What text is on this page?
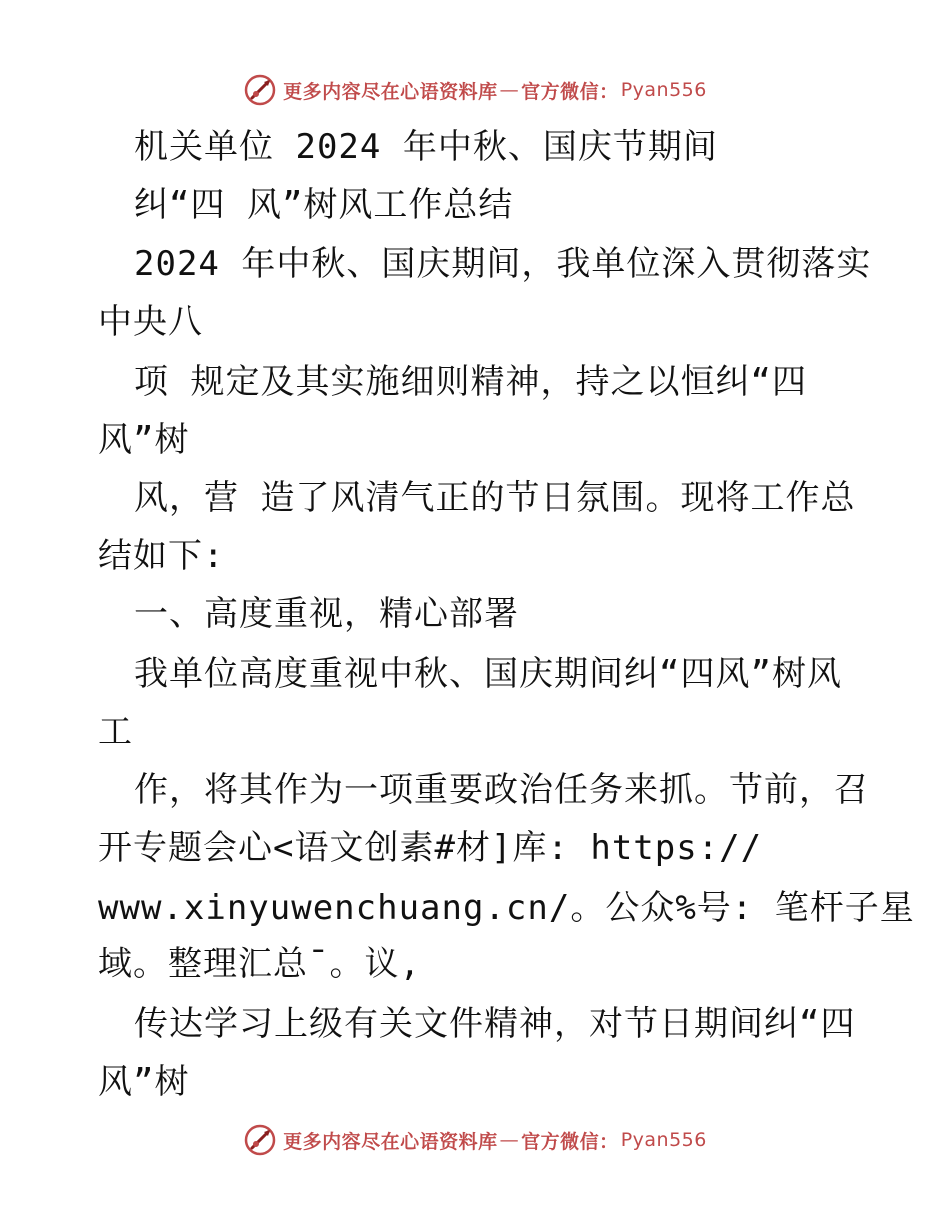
更多内容尽在心语资料库 — 官方微信： Pyan556
机关单位 2024 年中秋、国庆节期间
纠“四 风”树风工作总结
2024 年中秋、国庆期间，我单位深入贯彻落实
中央八
项 规定及其实施细则精神，持之以恒纠“四
风”树
风，营 造了风清气正的节日氛围。现将工作总
结如下:
一、高度重视，精心部署
我单位高度重视中秋、国庆期间纠“四风”树风
工
作，将其作为一项重要政治任务来抓。节前，召
开专题会心<语文创素#材]库: https://
www.xinyuwenchuang.cn/。公众%号: 笔杆子星
域。整理汇总¯。议,
传达学习上级有关文件精神，对节日期间纠“四
风”树
更多内容尽在心语资料库 — 官方微信： Pyan556
